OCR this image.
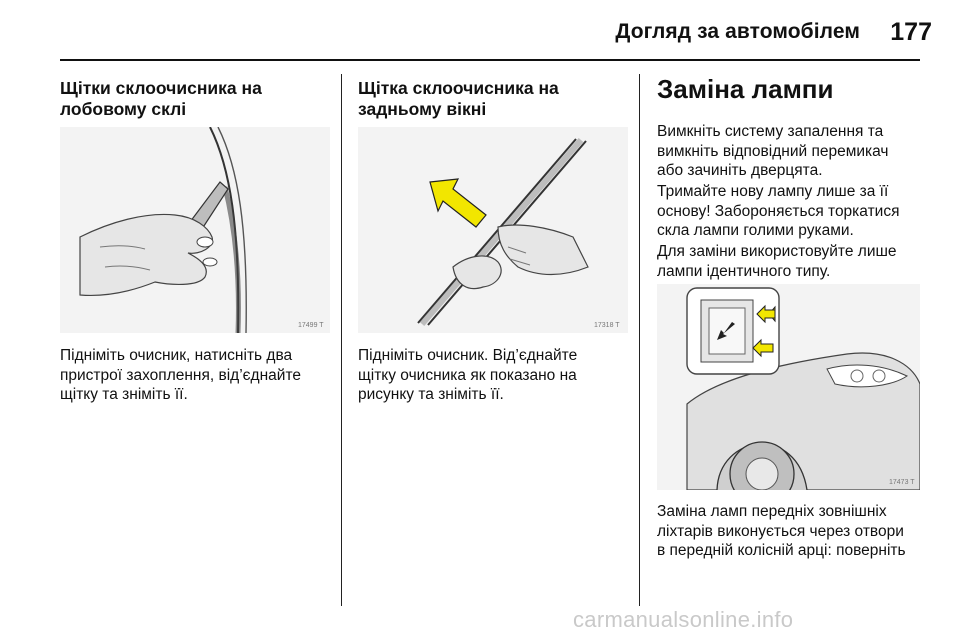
Догляд за автомобілем	177
Щітки склоочисника на
лобовому склі
17499 T
Підніміть очисник, натисніть два
пристрої захоплення, від’єднайте
щітку та зніміть її.
Щітка склоочисника на
задньому вікні
17318 T
Підніміть очисник. Від’єднайте
щітку очисника як показано на
рисунку та зніміть її.
Заміна лампи
Вимкніть систему запалення та
вимкніть відповідний перемикач
або зачиніть дверцята.
Тримайте нову лампу лише за її
основу! Забороняється торкатися
скла лампи голими руками.
Для заміни використовуйте лише
лампи ідентичного типу.
17473 T
Заміна ламп передніх зовнішніх
ліхтарів виконується через отвори
в передній колісній арці: поверніть
carmanualsonline.info
